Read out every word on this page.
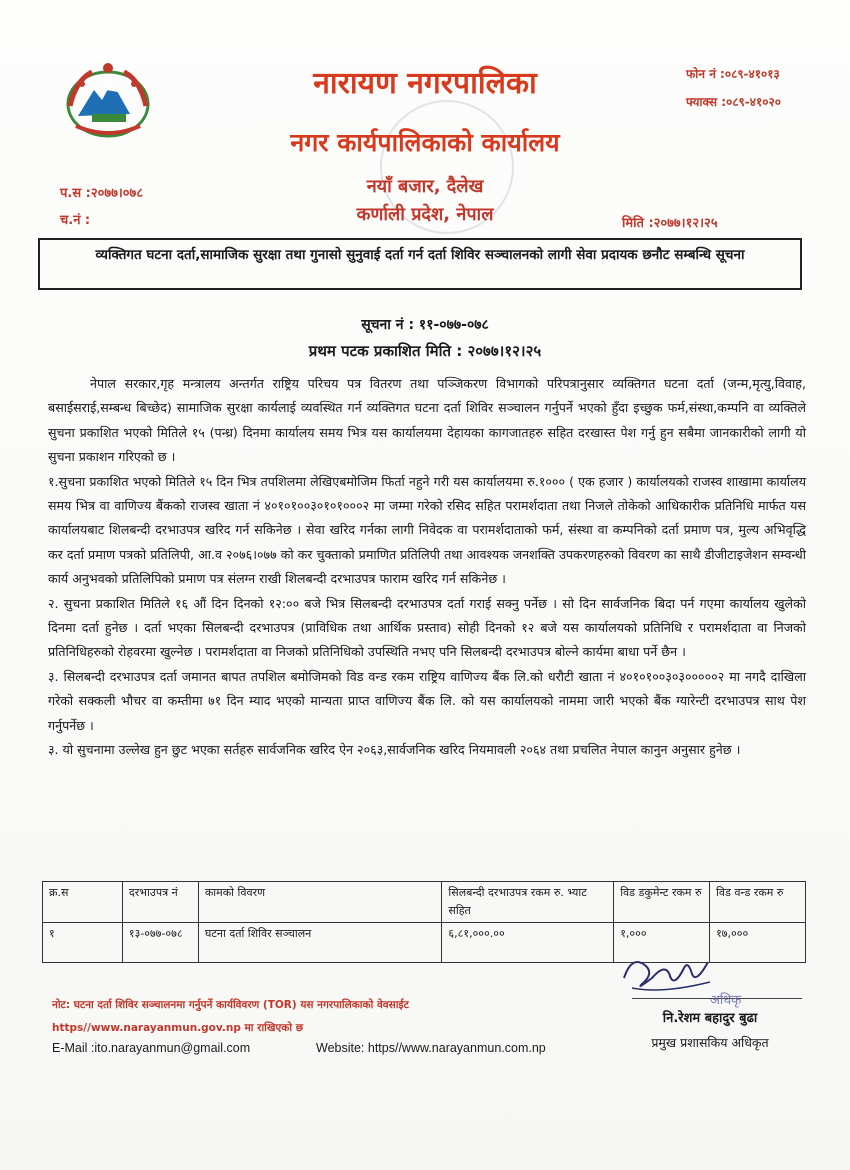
फोन नं :०८९-४१०१३
फ्याक्स :०८९-४१०२०
नारायण नगरपालिका
नगर कार्यपालिकाको कार्यालय
नयाँ बजार, दैलेख
कर्णाली प्रदेश, नेपाल
प.स :२०७७।०७८
च.नं :	मिति :२०७७।१२।२५
व्यक्तिगत घटना दर्ता,सामाजिक सुरक्षा तथा गुनासो सुनुवाई दर्ता गर्न दर्ता शिविर सञ्चालनको लागी सेवा प्रदायक छनौट सम्बन्धि सूचना
सूचना नं : ११-०७७-०७८
प्रथम पटक प्रकाशित मिति : २०७७।१२।२५

नेपाल सरकार,गृह मन्त्रालय अन्तर्गत राष्ट्रिय परिचय पत्र वितरण तथा पञ्जिकरण विभागको परिपत्रानुसार व्यक्तिगत घटना दर्ता (जन्म,मृत्यु,विवाह, बसाईसराई,सम्बन्ध बिच्छेद) सामाजिक सुरक्षा कार्यलाई व्यवस्थित गर्न व्यक्तिगत घटना दर्ता शिविर सञ्चालन गर्नुपर्ने भएको हुँदा इच्छुक फर्म,संस्था,कम्पनि वा व्यक्तिले सुचना प्रकाशित भएको मितिले १५ (पन्ध्र) दिनमा कार्यालय समय भित्र यस कार्यालयमा देहायका कागजातहरु सहित दरखास्त पेश गर्नु हुन सबैमा जानकारीको लागी यो सुचना प्रकाशन गरिएको छ ।

१.सुचना प्रकाशित भएको मितिले १५ दिन भित्र तपशिलमा लेखिएबमोजिम फिर्ता नहुने गरी यस कार्यालयमा रु.१००० ( एक हजार ) कार्यालयको राजस्व शाखामा कार्यालय समय भित्र वा वाणिज्य बैंकको राजस्व खाता नं ४०१०१००३०१०१०००२ मा जम्मा गरेको रसिद सहित परामर्शदाता तथा निजले तोकेको आधिकारीक प्रतिनिधि मार्फत यस कार्यालयबाट शिलबन्दी दरभाउपत्र खरिद गर्न सकिनेछ । सेवा खरिद गर्नका लागी निवेदक वा परामर्शदाताको फर्म, संस्था वा कम्पनिको दर्ता प्रमाण पत्र, मुल्य अभिवृद्धि कर दर्ता प्रमाण पत्रको प्रतिलिपी, आ.व २०७६।०७७ को कर चुक्ताको प्रमाणित प्रतिलिपी तथा आवश्यक जनशक्ति उपकरणहरुको विवरण का साथै डीजीटाइजेशन सम्वन्धी कार्य अनुभवको प्रतिलिपिको प्रमाण पत्र संलग्न राखी शिलबन्दी दरभाउपत्र फाराम खरिद गर्न सकिनेछ ।

२. सुचना प्रकाशित मितिले १६ औं दिन दिनको १२:०० बजे भित्र सिलबन्दी दरभाउपत्र दर्ता गराई सक्नु पर्नेछ । सो दिन सार्वजनिक बिदा पर्न गएमा कार्यालय खुलेको दिनमा दर्ता हुनेछ । दर्ता भएका सिलबन्दी दरभाउपत्र (प्राविधिक तथा आर्थिक प्रस्ताव) सोही दिनको १२ बजे यस कार्यालयको प्रतिनिधि र परामर्शदाता वा निजको प्रतिनिधिहरुको रोहवरमा खुल्नेछ । परामर्शदाता वा निजको प्रतिनिधिको उपस्थिति नभए पनि सिलबन्दी दरभाउपत्र बोल्ने कार्यमा बाधा पर्ने छैन ।

३. सिलबन्दी दरभाउपत्र दर्ता जमानत बापत तपशिल बमोजिमको विड वन्ड रकम राष्ट्रिय वाणिज्य बैंक लि.को धरौटी खाता नं ४०१०१००३०३०००००२ मा नगदै दाखिला गरेको सक्कली भौचर वा कम्तीमा ७१ दिन म्याद भएको मान्यता प्राप्त वाणिज्य बैंक लि. को यस कार्यालयको नाममा जारी भएको बैंक ग्यारेन्टी दरभाउपत्र साथ पेश गर्नुपर्नेछ ।

३. यो सुचनामा उल्लेख हुन छुट भएका सर्तहरु सार्वजनिक खरिद ऐन २०६३,सार्वजनिक खरिद नियमावली २०६४ तथा प्रचलित नेपाल कानुन अनुसार हुनेछ ।

क्र.स	दरभाउपत्र नं	कामको विवरण	सिलबन्दी दरभाउपत्र रकम रु. भ्याट सहित	विड डकुमेन्ट रकम रु	विड वन्ड रकम रु
१	१३-०७७-०७८	घटना दर्ता शिविर सञ्चालन	६,८१,०००.००	१,०००	१७,०००
अधिकृ
नि.रेशम बहादुर बुढा
प्रमुख प्रशासकिय अधिकृत
नोट: घटना दर्ता शिविर सञ्चालनमा गर्नुपर्ने कार्यविवरण (TOR) यस नगरपालिकाको वेवसाईट
https//www.narayanmun.gov.np मा राखिएको छ
E-Mail :ito.narayanmun@gmail.com	Website: https//www.narayanmun.com.np
